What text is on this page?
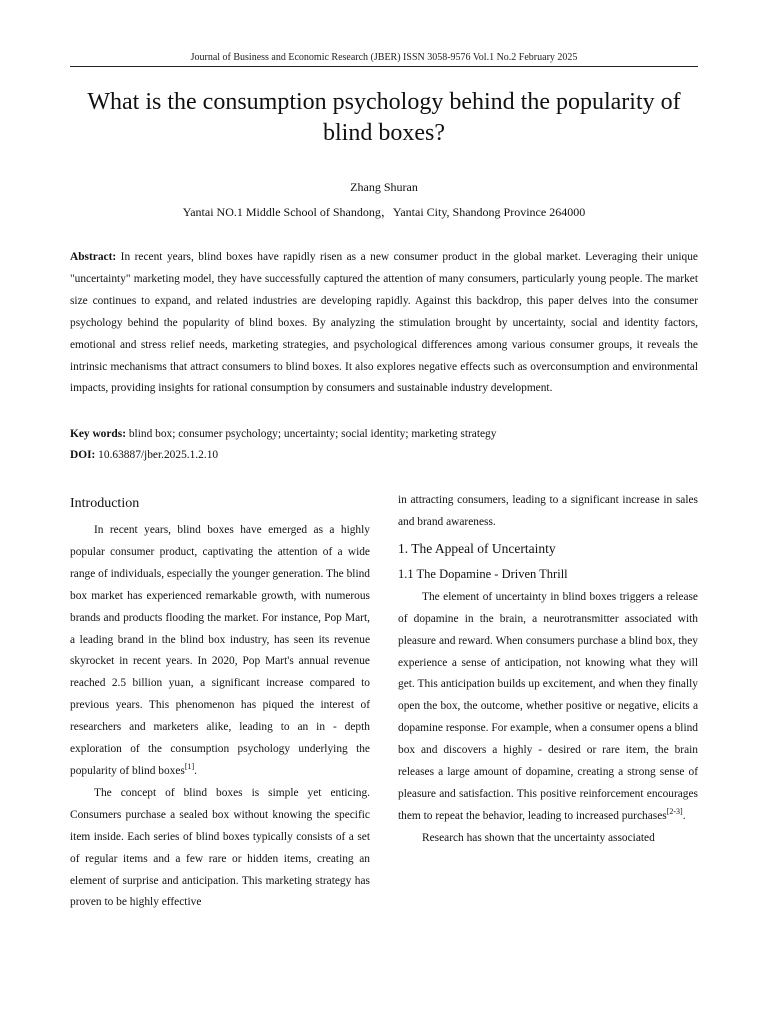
Journal of Business and Economic Research (JBER) ISSN 3058-9576 Vol.1 No.2 February 2025
What is the consumption psychology behind the popularity of blind boxes?
Zhang Shuran
Yantai NO.1 Middle School of Shandong，Yantai City, Shandong Province 264000

Abstract: In recent years, blind boxes have rapidly risen as a new consumer product in the global market. Leveraging their unique "uncertainty" marketing model, they have successfully captured the attention of many consumers, particularly young people. The market size continues to expand, and related industries are developing rapidly. Against this backdrop, this paper delves into the consumer psychology behind the popularity of blind boxes. By analyzing the stimulation brought by uncertainty, social and identity factors, emotional and stress relief needs, marketing strategies, and psychological differences among various consumer groups, it reveals the intrinsic mechanisms that attract consumers to blind boxes. It also explores negative effects such as overconsumption and environmental impacts, providing insights for rational consumption by consumers and sustainable industry development.

Key words: blind box; consumer psychology; uncertainty; social identity; marketing strategy
DOI: 10.63887/jber.2025.1.2.10
Introduction

In recent years, blind boxes have emerged as a highly popular consumer product, captivating the attention of a wide range of individuals, especially the younger generation. The blind box market has experienced remarkable growth, with numerous brands and products flooding the market. For instance, Pop Mart, a leading brand in the blind box industry, has seen its revenue skyrocket in recent years. In 2020, Pop Mart's annual revenue reached 2.5 billion yuan, a significant increase compared to previous years. This phenomenon has piqued the interest of researchers and marketers alike, leading to an in - depth exploration of the consumption psychology underlying the popularity of blind boxes[1].

The concept of blind boxes is simple yet enticing. Consumers purchase a sealed box without knowing the specific item inside. Each series of blind boxes typically consists of a set of regular items and a few rare or hidden items, creating an element of surprise and anticipation. This marketing strategy has proven to be highly effective

in attracting consumers, leading to a significant increase in sales and brand awareness.

1. The Appeal of Uncertainty
1.1 The Dopamine - Driven Thrill

The element of uncertainty in blind boxes triggers a release of dopamine in the brain, a neurotransmitter associated with pleasure and reward. When consumers purchase a blind box, they experience a sense of anticipation, not knowing what they will get. This anticipation builds up excitement, and when they finally open the box, the outcome, whether positive or negative, elicits a dopamine response. For example, when a consumer opens a blind box and discovers a highly - desired or rare item, the brain releases a large amount of dopamine, creating a strong sense of pleasure and satisfaction. This positive reinforcement encourages them to repeat the behavior, leading to increased purchases[2-3].

Research has shown that the uncertainty associated
